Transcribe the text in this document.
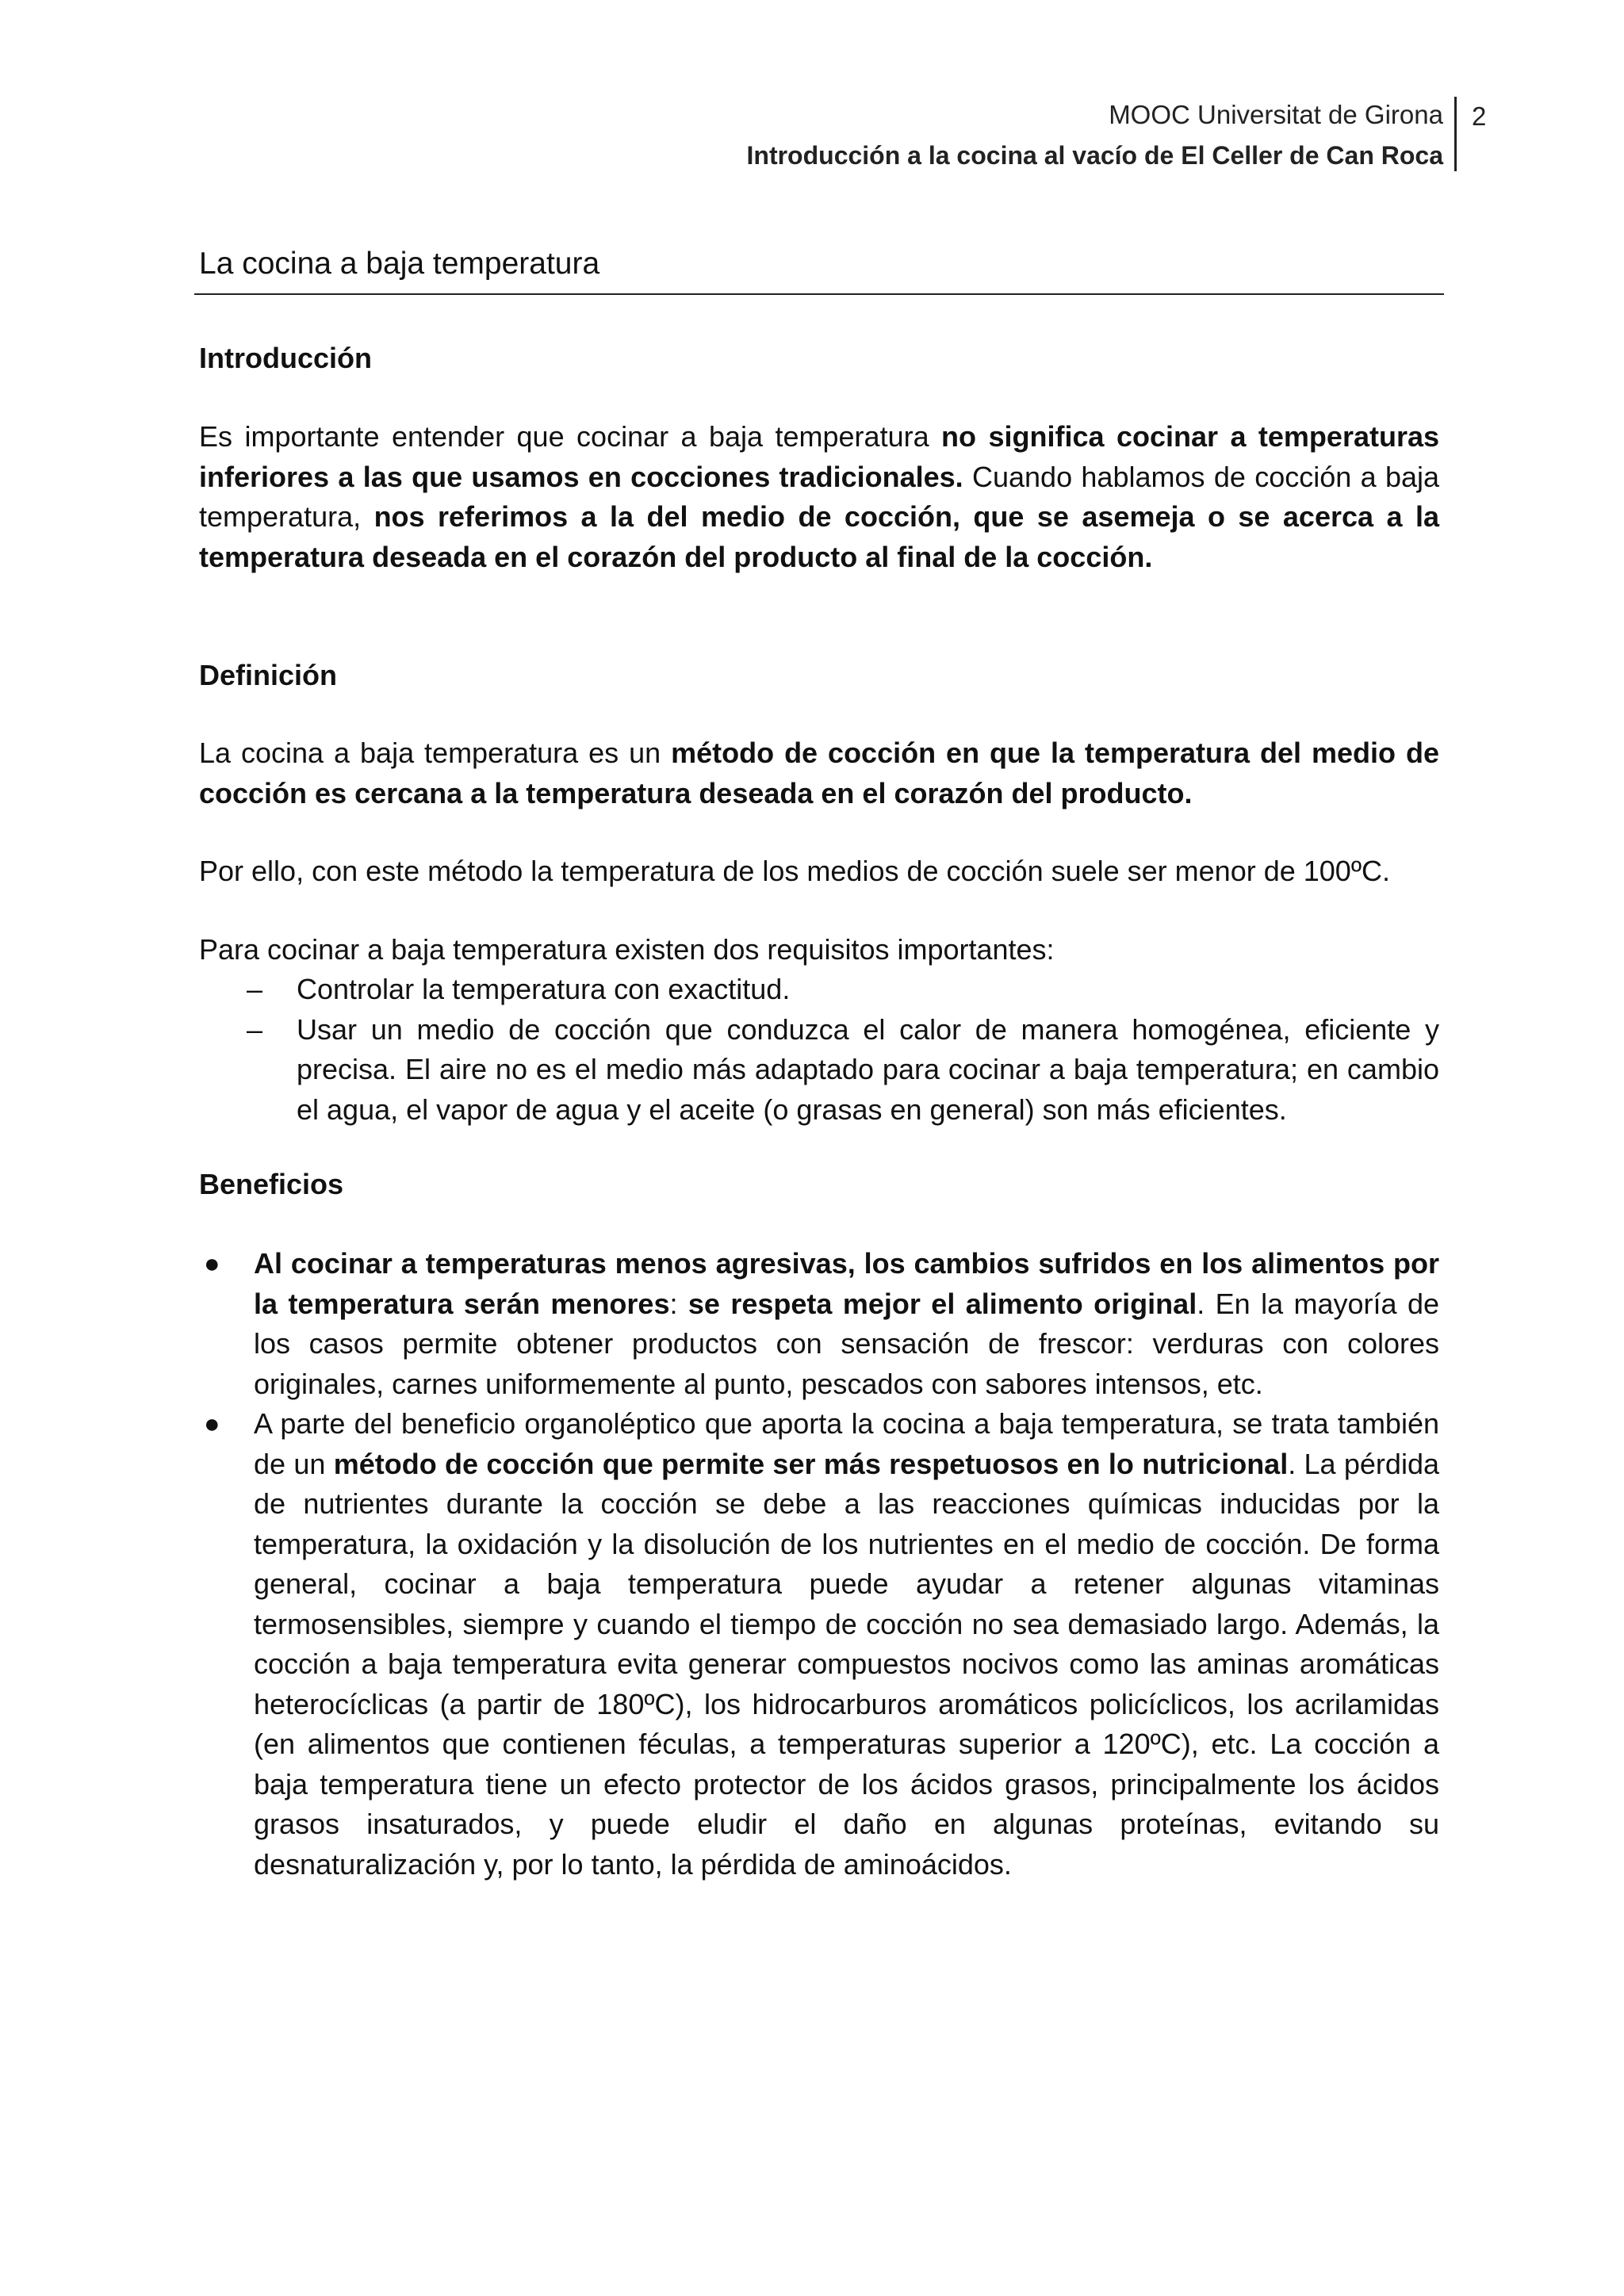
MOOC Universitat de Girona
Introducción a la cocina al vacío de El Celler de Can Roca
2
La cocina a baja temperatura
Introducción

Es importante entender que cocinar a baja temperatura no significa cocinar a temperaturas inferiores a las que usamos en cocciones tradicionales. Cuando hablamos de cocción a baja temperatura, nos referimos a la del medio de cocción, que se asemeja o se acerca a la temperatura deseada en el corazón del producto al final de la cocción.

Definición

La cocina a baja temperatura es un método de cocción en que la temperatura del medio de cocción es cercana a la temperatura deseada en el corazón del producto.

Por ello, con este método la temperatura de los medios de cocción suele ser menor de 100ºC.

Para cocinar a baja temperatura existen dos requisitos importantes:

– Controlar la temperatura con exactitud.
– Usar un medio de cocción que conduzca el calor de manera homogénea, eficiente y precisa. El aire no es el medio más adaptado para cocinar a baja temperatura; en cambio el agua, el vapor de agua y el aceite (o grasas en general) son más eficientes.
Beneficios
● Al cocinar a temperaturas menos agresivas, los cambios sufridos en los alimentos por la temperatura serán menores: se respeta mejor el alimento original. En la mayoría de los casos permite obtener productos con sensación de frescor: verduras con colores originales, carnes uniformemente al punto, pescados con sabores intensos, etc.
● A parte del beneficio organoléptico que aporta la cocina a baja temperatura, se trata también de un método de cocción que permite ser más respetuosos en lo nutricional. La pérdida de nutrientes durante la cocción se debe a las reacciones químicas inducidas por la temperatura, la oxidación y la disolución de los nutrientes en el medio de cocción. De forma general, cocinar a baja temperatura puede ayudar a retener algunas vitaminas termosensibles, siempre y cuando el tiempo de cocción no sea demasiado largo. Además, la cocción a baja temperatura evita generar compuestos nocivos como las aminas aromáticas heterocíclicas (a partir de 180ºC), los hidrocarburos aromáticos policíclicos, los acrilamidas (en alimentos que contienen féculas, a temperaturas superior a 120ºC), etc. La cocción a baja temperatura tiene un efecto protector de los ácidos grasos, principalmente los ácidos grasos insaturados, y puede eludir el daño en algunas proteínas, evitando su desnaturalización y, por lo tanto, la pérdida de aminoácidos.
